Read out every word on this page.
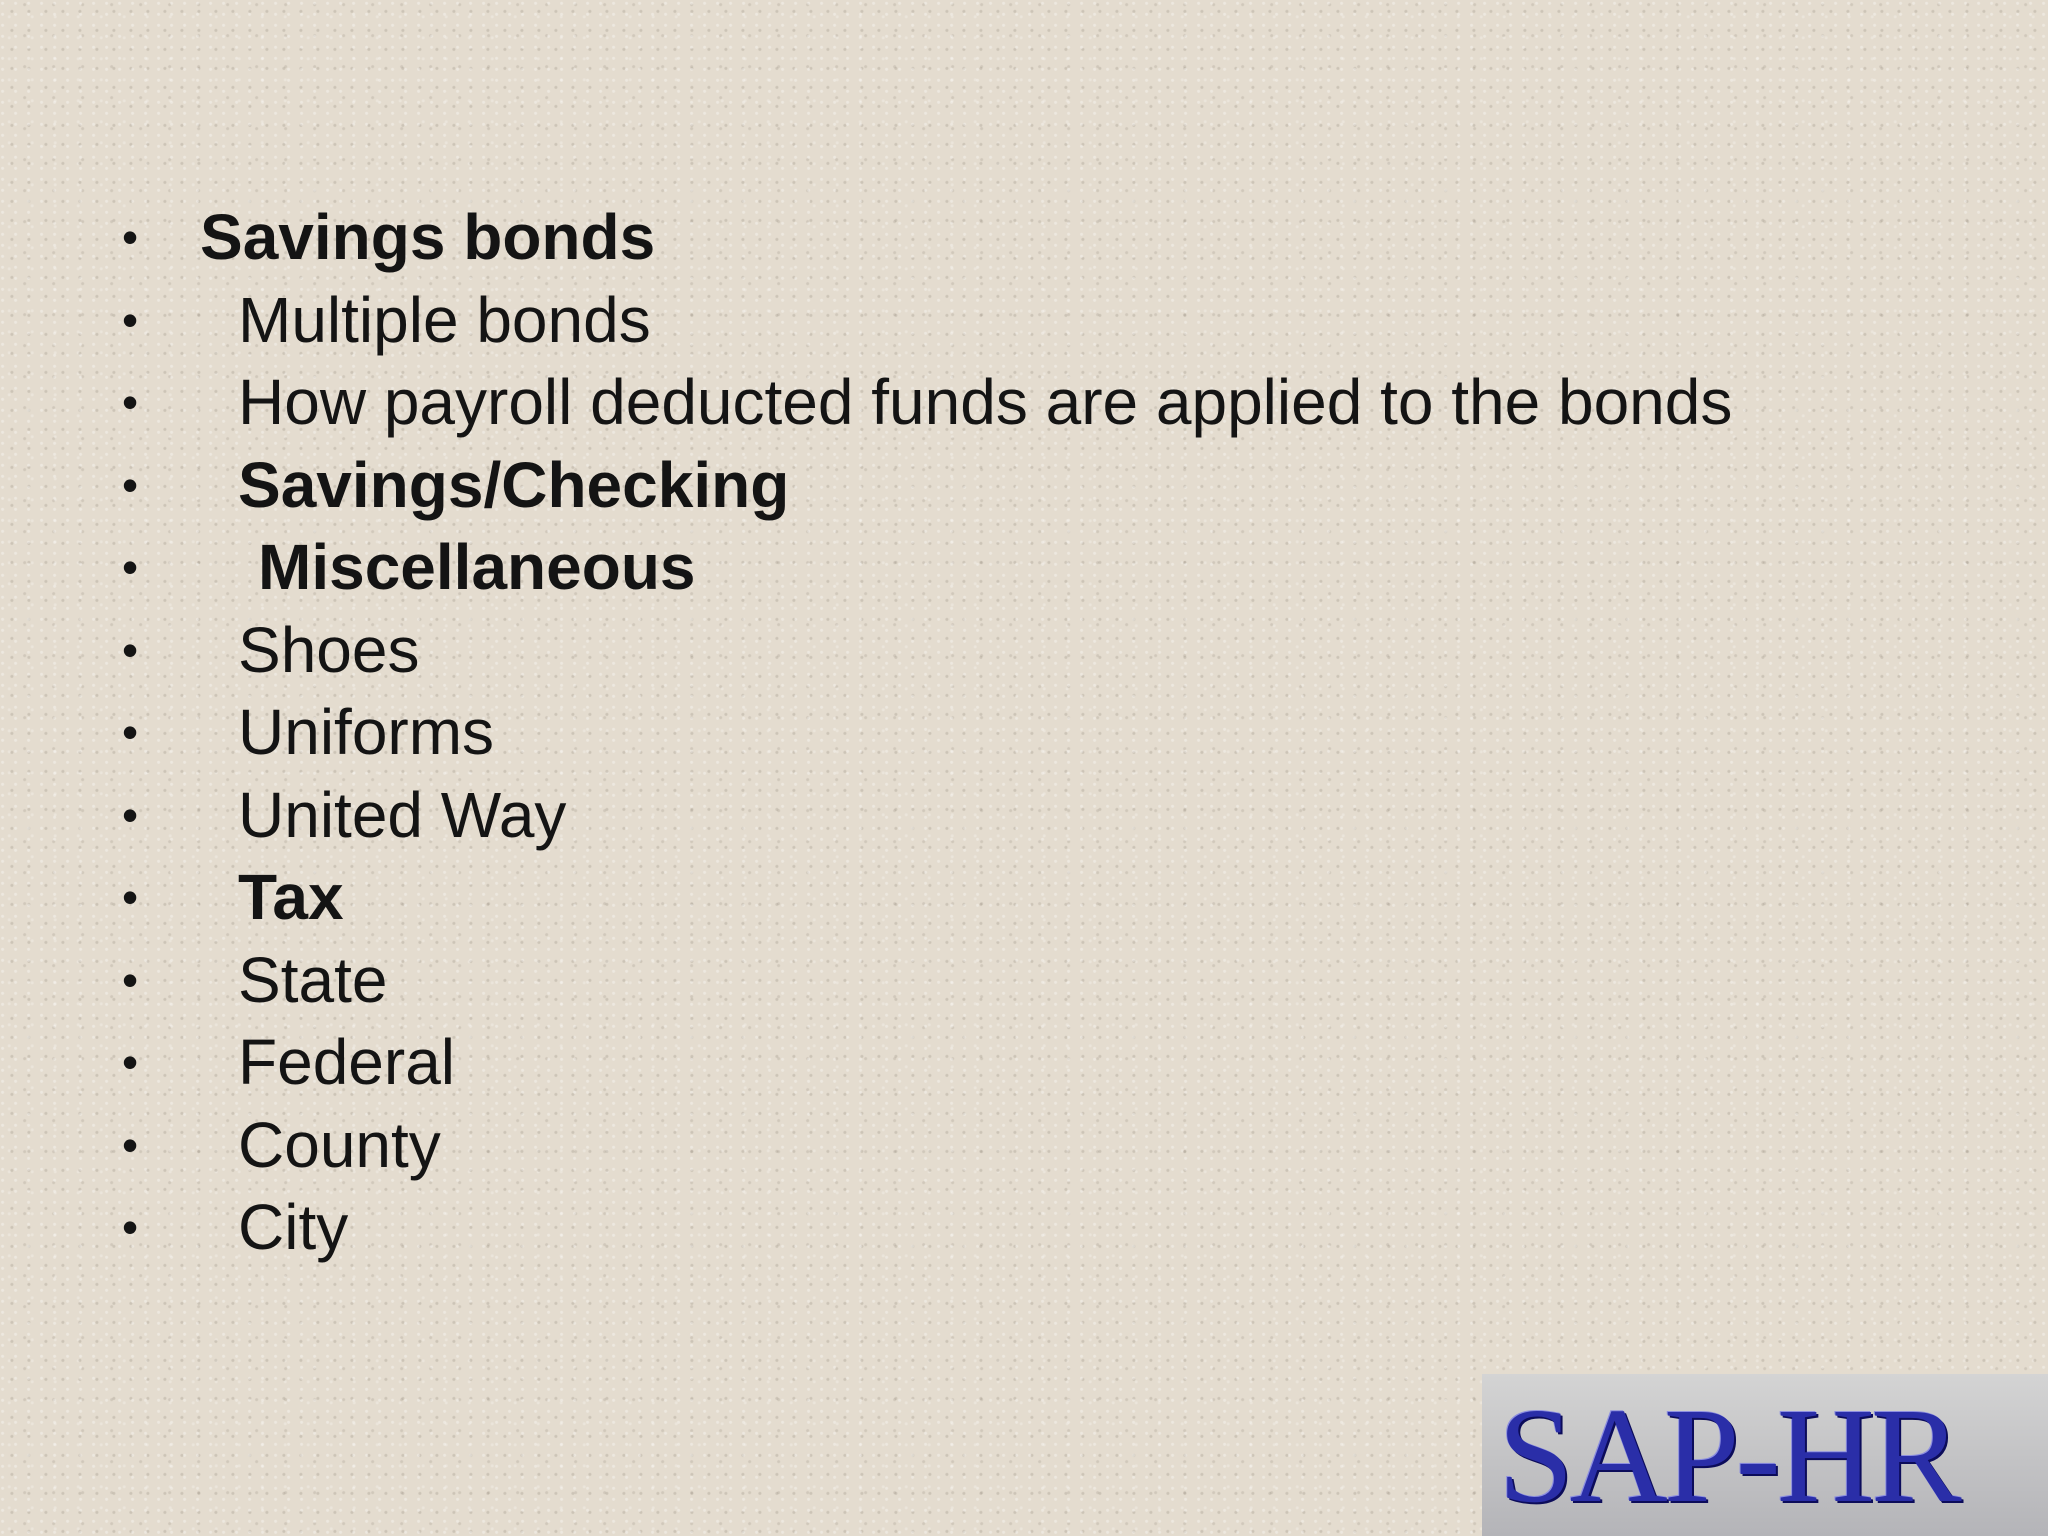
• Savings bonds
• Multiple bonds
• How payroll deducted funds are applied to the bonds
• Savings/Checking
• Miscellaneous
• Shoes
• Uniforms
• United Way
• Tax
• State
• Federal
• County
• City
SAP-HR
